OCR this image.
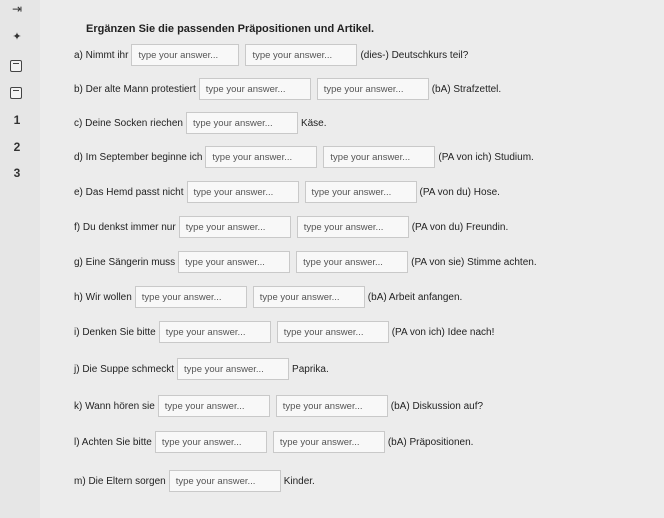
⇥
✦
1
2
3
Ergänzen Sie die passenden Präpositionen und Artikel.
a) Nimmt ihr	type your answer...	type your answer...	(dies-) Deutschkurs teil?
b) Der alte Mann protestiert	type your answer...	type your answer...	(bA) Strafzettel.
c) Deine Socken riechen	type your answer...	Käse.
d) Im September beginne ich	type your answer...	type your answer...	(PA von ich) Studium.
e) Das Hemd passt nicht	type your answer...	type your answer...	(PA von du) Hose.
f) Du denkst immer nur	type your answer...	type your answer...	(PA von du) Freundin.
g) Eine Sängerin muss	type your answer...	type your answer...	(PA von sie) Stimme achten.
h) Wir wollen	type your answer...	type your answer...	(bA) Arbeit anfangen.
i) Denken Sie bitte	type your answer...	type your answer...	(PA von ich) Idee nach!
j) Die Suppe schmeckt	type your answer...	Paprika.
k) Wann hören sie	type your answer...	type your answer...	(bA) Diskussion auf?
l) Achten Sie bitte	type your answer...	type your answer...	(bA) Präpositionen.
m) Die Eltern sorgen	type your answer...	Kinder.
